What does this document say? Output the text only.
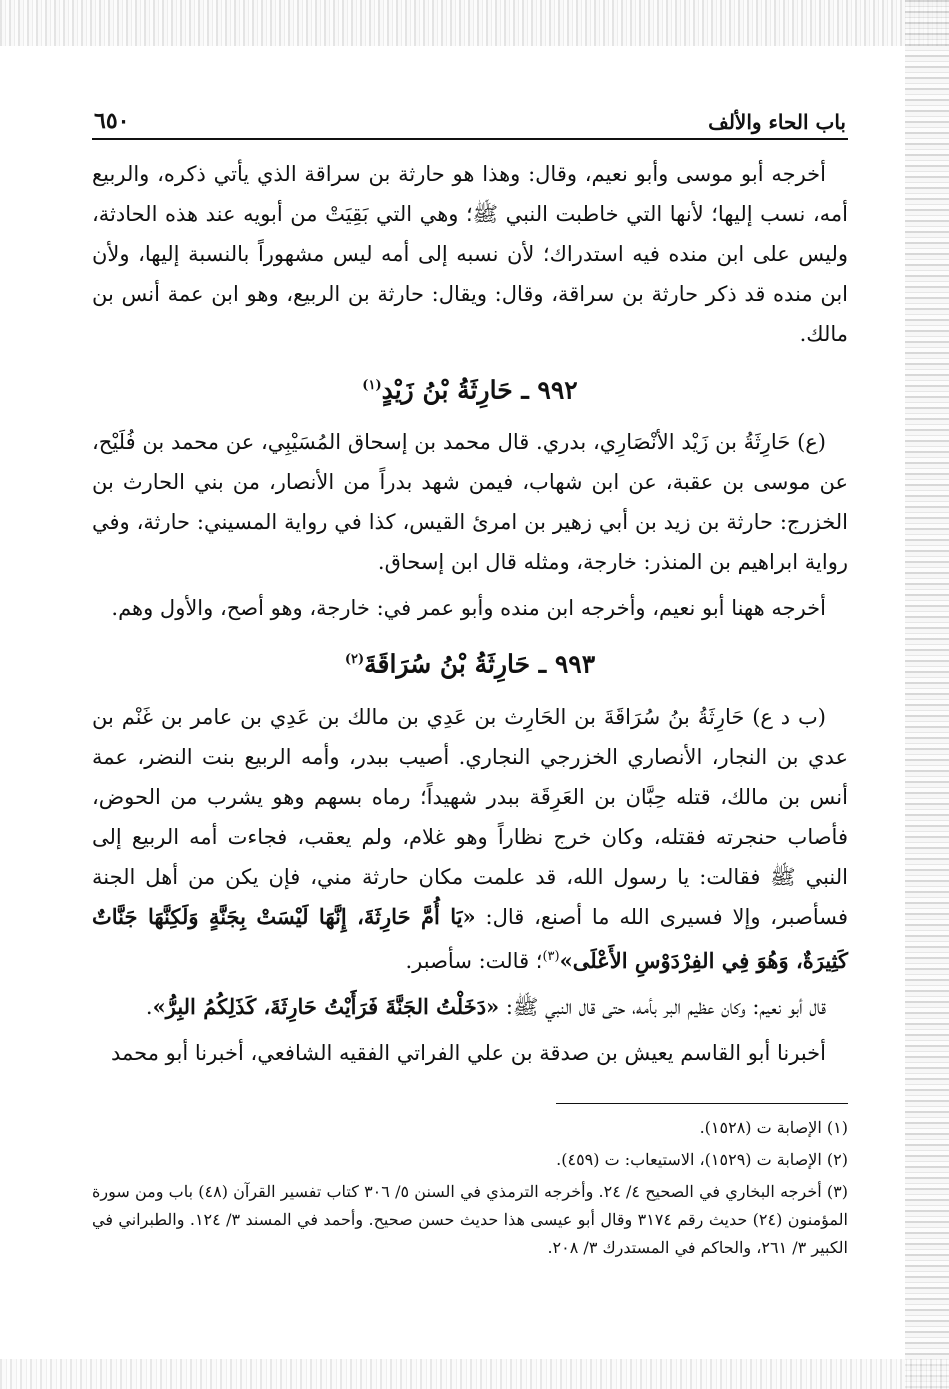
باب الحاء والألف
٦٥٠

أخرجه أبو موسى وأبو نعيم، وقال: وهذا هو حارثة بن سراقة الذي يأتي ذكره، والربيع أمه، نسب إليها؛ لأنها التي خاطبت النبي ﷺ؛ وهي التي بَقِيَتْ من أبويه عند هذه الحادثة، وليس على ابن منده فيه استدراك؛ لأن نسبه إلى أمه ليس مشهوراً بالنسبة إليها، ولأن ابن منده قد ذكر حارثة بن سراقة، وقال: ويقال: حارثة بن الربيع، وهو ابن عمة أنس بن مالك.

٩٩٢ ـ حَارِثَةُ بْنُ زَيْدٍ$^{(١)}$

(ع) حَارِثَةُ بن زَيْد الأنْصَارِي، بدري. قال محمد بن إسحاق المُسَيْبِي، عن محمد بن فُلَيْح، عن موسى بن عقبة، عن ابن شهاب، فيمن شهد بدراً من الأنصار، من بني الحارث بن الخزرج: حارثة بن زيد بن أبي زهير بن امرئ القيس، كذا في رواية المسيني: حارثة، وفي رواية ابراهيم بن المنذر: خارجة، ومثله قال ابن إسحاق.

أخرجه ههنا أبو نعيم، وأخرجه ابن منده وأبو عمر في: خارجة، وهو أصح، والأول وهم.

٩٩٣ ـ حَارِثَةُ بْنُ سُرَاقَةَ$^{(٢)}$

(ب د ع) حَارِثَةُ بنُ سُرَاقَةَ بن الحَارِث بن عَدِي بن مالك بن عَدِي بن عامر بن غَنْم بن عدي بن النجار، الأنصاري الخزرجي النجاري. أصيب ببدر، وأمه الربيع بنت النضر، عمة أنس بن مالك، قتله حِبَّان بن العَرِقَة ببدر شهيداً؛ رماه بسهم وهو يشرب من الحوض، فأصاب حنجرته فقتله، وكان خرج نظاراً وهو غلام، ولم يعقب، فجاءت أمه الربيع إلى النبي ﷺ فقالت: يا رسول الله، قد علمت مكان حارثة مني، فإن يكن من أهل الجنة فسأصبر، وإلا فسيرى الله ما أصنع، قال: «يَا أُمَّ حَارِثَةَ، إِنَّهَا لَيْسَتْ بِجَنَّةٍ وَلَكِنَّهَا جَنَّاتٌ كَثِيرَةٌ، وَهُوَ فِي الفِرْدَوْسِ الأَعْلَى»$^{(٣)}$؛ قالت: سأصبر.

قال أبو نعيم: وكان عظيم البر بأمه، حتى قال النبي ﷺ: «دَخَلْتُ الجَنَّةَ فَرَأَيْتُ حَارِثَةَ، كَذَلِكُمُ البِرُّ».

أخبرنا أبو القاسم يعيش بن صدقة بن علي الفراتي الفقيه الشافعي، أخبرنا أبو محمد

(١) الإصابة ت (١٥٢٨).

(٢) الإصابة ت (١٥٢٩)، الاستيعاب: ت (٤٥٩).

(٣) أخرجه البخاري في الصحيح ٤/ ٢٤. وأخرجه الترمذي في السنن ٥/ ٣٠٦ كتاب تفسير القرآن (٤٨) باب ومن سورة المؤمنون (٢٤) حديث رقم ٣١٧٤ وقال أبو عيسى هذا حديث حسن صحيح. وأحمد في المسند ٣/ ١٢٤. والطبراني في الكبير ٣/ ٢٦١، والحاكم في المستدرك ٣/ ٢٠٨.
